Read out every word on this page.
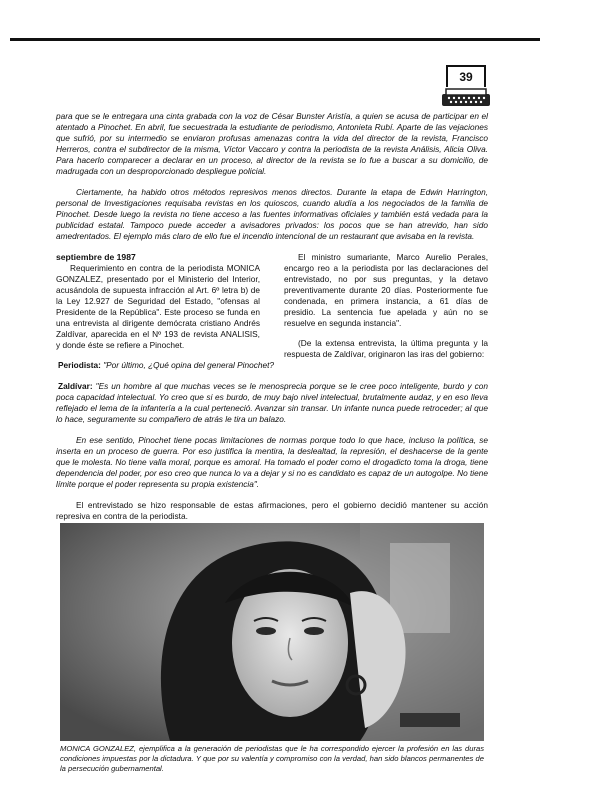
39

para que se le entregara una cinta grabada con la voz de César Bunster Aristía, a quien se acusa de participar en el atentado a Pinochet. En abril, fue secuestrada la estudiante de periodismo, Antonieta Rubí. Aparte de las vejaciones que sufrió, por su intermedio se enviaron profusas amenazas contra la vida del director de la revista, Francisco Herreros, contra el subdirector de la misma, Víctor Vaccaro y contra la periodista de la revista Análisis, Alicia Oliva. Para hacerlo comparecer a declarar en un proceso, al director de la revista se lo fue a buscar a su domicilio, de madrugada con un desproporcionado despliegue policial.

Ciertamente, ha habido otros métodos represivos menos directos. Durante la etapa de Edwin Harrington, personal de Investigaciones requisaba revistas en los quioscos, cuando aludía a los negociados de la familia de Pinochet. Desde luego la revista no tiene acceso a las fuentes informativas oficiales y también está vedada para la publicidad estatal. Tampoco puede acceder a avisadores privados: los pocos que se han atrevido, han sido amedrentados. El ejemplo más claro de ello fue el incendio intencional de un restaurant que avisaba en la revista.

septiembre de 1987

Requerimiento en contra de la periodista MONICA GONZALEZ, presentado por el Ministerio del Interior, acusándola de supuesta infracción al Art. 6º letra b) de la Ley 12.927 de Seguridad del Estado, "ofensas al Presidente de la República". Este proceso se funda en una entrevista al dirigente demócrata cristiano Andrés Zaldívar, aparecida en el Nº 193 de revista ANALISIS, y donde éste se refiere a Pinochet.

El ministro sumariante, Marco Aurelio Perales, encargo reo a la periodista por las declaraciones del entrevistado, no por sus preguntas, y la detavo preventivamente durante 20 días. Posteriormente fue condenada, en primera instancia, a 61 días de presidio. La sentencia fue apelada y aún no se resuelve en segunda instancia".

(De la extensa entrevista, la última pregunta y la respuesta de Zaldívar, originaron las iras del gobierno:

Periodista: "Por último, ¿Qué opina del general Pinochet?

Zaldívar: "Es un hombre al que muchas veces se le menosprecia porque se le cree poco inteligente, burdo y con poca capacidad intelectual. Yo creo que si es burdo, de muy bajo nivel intelectual, brutalmente audaz, y en eso lleva reflejado el lema de la infantería a la cual perteneció. Avanzar sin transar. Un infante nunca puede retroceder; al que lo hace, seguramente su compañero de atrás le tira un balazo.

En ese sentido, Pinochet tiene pocas limitaciones de normas porque todo lo que hace, incluso la política, se inserta en un proceso de guerra. Por eso justifica la mentira, la deslealtad, la represión, el deshacerse de la gente que le molesta. No tiene valla moral, porque es amoral. Ha tomado el poder como el drogadicto toma la droga, tiene dependencia del poder, por eso creo que nunca lo va a dejar y si no es candidato es capaz de un autogolpe. No tiene límite porque el poder representa su propia existencia".

El entrevistado se hizo responsable de estas afirmaciones, pero el gobierno decidió mantener su acción represiva en contra de la periodista.

MONICA GONZALEZ, ejemplifica a la generación de periodistas que le ha correspondido ejercer la profesión en las duras condiciones impuestas por la dictadura. Y que por su valentía y compromiso con la verdad, han sido blancos permanentes de la persecución gubernamental.
